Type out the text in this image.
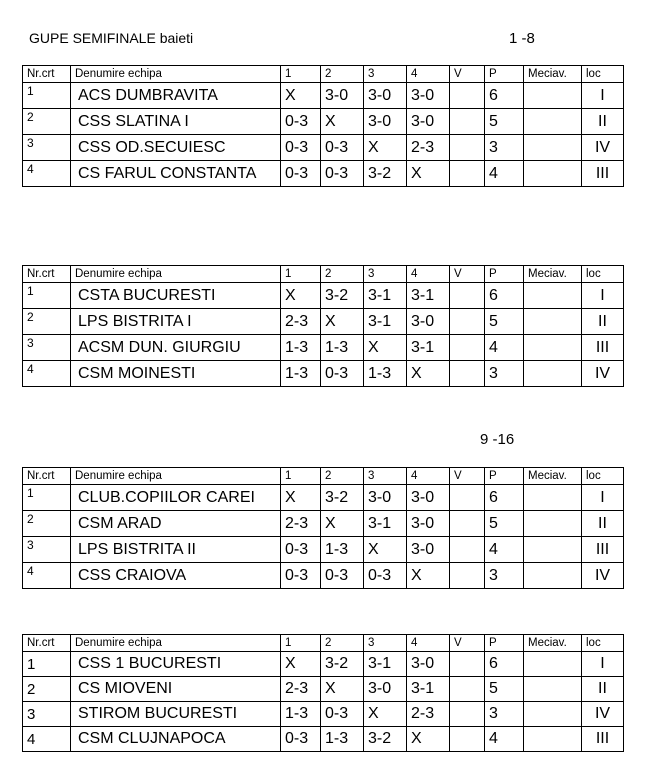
GUPE SEMIFINALE baieti	1 -8
9 -16
Nr.crt	Denumire echipa	1	2	3	4	V	P	Meciav.	loc
1	ACS DUMBRAVITA	X	3-0	3-0	3-0		6		I
2	CSS SLATINA I	0-3	X	3-0	3-0		5		II
3	CSS OD.SECUIESC	0-3	0-3	X	2-3		3		IV
4	CS FARUL CONSTANTA	0-3	0-3	3-2	X		4		III
Nr.crt	Denumire echipa	1	2	3	4	V	P	Meciav.	loc
1	CSTA BUCURESTI	X	3-2	3-1	3-1		6		I
2	LPS BISTRITA I	2-3	X	3-1	3-0		5		II
3	ACSM DUN. GIURGIU	1-3	1-3	X	3-1		4		III
4	CSM MOINESTI	1-3	0-3	1-3	X		3		IV
Nr.crt	Denumire echipa	1	2	3	4	V	P	Meciav.	loc
1	CLUB.COPIILOR CAREI	X	3-2	3-0	3-0		6		I
2	CSM ARAD	2-3	X	3-1	3-0		5		II
3	LPS BISTRITA II	0-3	1-3	X	3-0		4		III
4	CSS CRAIOVA	0-3	0-3	0-3	X		3		IV
Nr.crt	Denumire echipa	1	2	3	4	V	P	Meciav.	loc
1	CSS 1 BUCURESTI	X	3-2	3-1	3-0		6		I
2	CS MIOVENI	2-3	X	3-0	3-1		5		II
3	STIROM BUCURESTI	1-3	0-3	X	2-3		3		IV
4	CSM CLUJNAPOCA	0-3	1-3	3-2	X		4		III
